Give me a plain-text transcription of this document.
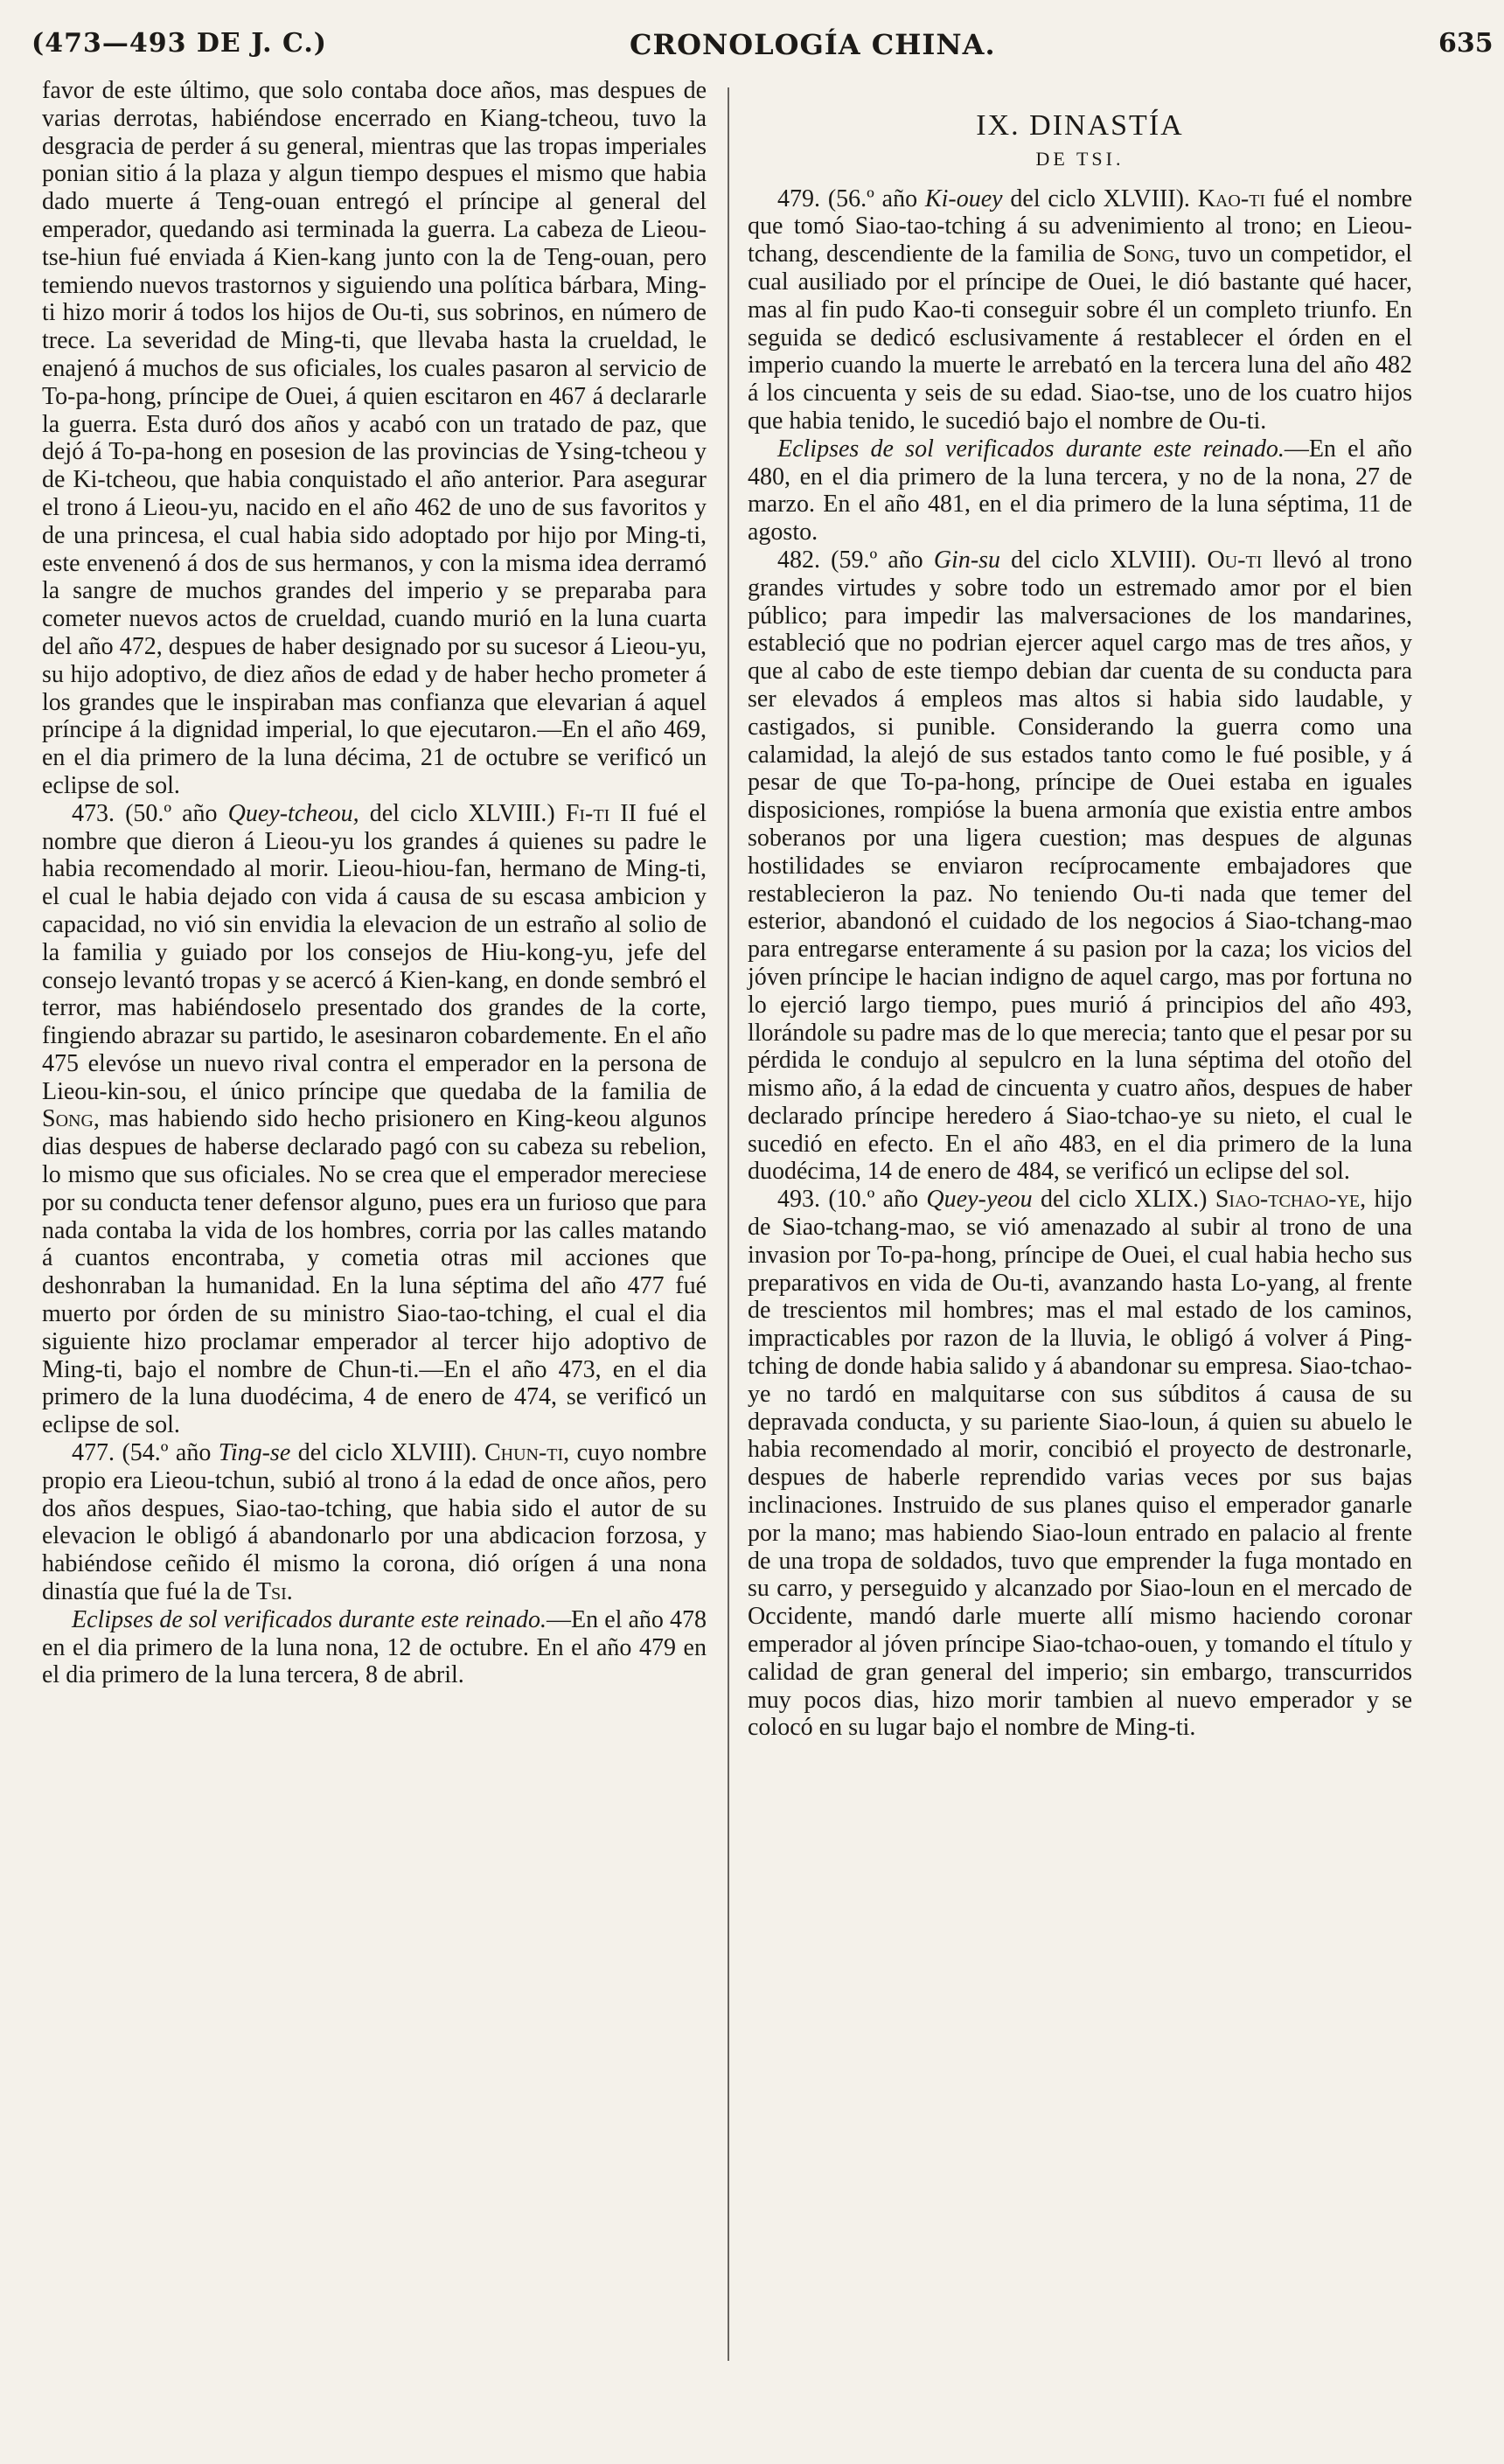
(473—493 DE J. C.)	CRONOLOGÍA CHINA.	635

favor de este último, que solo contaba doce años, mas despues de varias derrotas, habiéndose encerrado en Kiang-tcheou, tuvo la desgracia de perder á su general, mientras que las tropas imperiales ponian sitio á la plaza y algun tiempo despues el mismo que habia dado muerte á Teng-ouan entregó el príncipe al general del emperador, quedando asi terminada la guerra. La cabeza de Lieou-tse-hiun fué enviada á Kien-kang junto con la de Teng-ouan, pero temiendo nuevos trastornos y siguiendo una política bárbara, Ming-ti hizo morir á todos los hijos de Ou-ti, sus sobrinos, en número de trece. La severidad de Ming-ti, que llevaba hasta la crueldad, le enajenó á muchos de sus oficiales, los cuales pasaron al servicio de To-pa-hong, príncipe de Ouei, á quien escitaron en 467 á declararle la guerra. Esta duró dos años y acabó con un tratado de paz, que dejó á To-pa-hong en posesion de las provincias de Ysing-tcheou y de Ki-tcheou, que habia conquistado el año anterior. Para asegurar el trono á Lieou-yu, nacido en el año 462 de uno de sus favoritos y de una princesa, el cual habia sido adoptado por hijo por Ming-ti, este envenenó á dos de sus hermanos, y con la misma idea derramó la sangre de muchos grandes del imperio y se preparaba para cometer nuevos actos de crueldad, cuando murió en la luna cuarta del año 472, despues de haber designado por su sucesor á Lieou-yu, su hijo adoptivo, de diez años de edad y de haber hecho prometer á los grandes que le inspiraban mas confianza que elevarian á aquel príncipe á la dignidad imperial, lo que ejecutaron.—En el año 469, en el dia primero de la luna décima, 21 de octubre se verificó un eclipse de sol.

473. (50.º año Quey-tcheou, del ciclo XLVIII.) Fi-ti II fué el nombre que dieron á Lieou-yu los grandes á quienes su padre le habia recomendado al morir. Lieou-hiou-fan, hermano de Ming-ti, el cual le habia dejado con vida á causa de su escasa ambicion y capacidad, no vió sin envidia la elevacion de un estraño al solio de la familia y guiado por los consejos de Hiu-kong-yu, jefe del consejo levantó tropas y se acercó á Kien-kang, en donde sembró el terror, mas habiéndoselo presentado dos grandes de la corte, fingiendo abrazar su partido, le asesinaron cobardemente. En el año 475 elevóse un nuevo rival contra el emperador en la persona de Lieou-kin-sou, el único príncipe que quedaba de la familia de Song, mas habiendo sido hecho prisionero en King-keou algunos dias despues de haberse declarado pagó con su cabeza su rebelion, lo mismo que sus oficiales. No se crea que el emperador mereciese por su conducta tener defensor alguno, pues era un furioso que para nada contaba la vida de los hombres, corria por las calles matando á cuantos encontraba, y cometia otras mil acciones que deshonraban la humanidad. En la luna séptima del año 477 fué muerto por órden de su ministro Siao-tao-tching, el cual el dia siguiente hizo proclamar emperador al tercer hijo adoptivo de Ming-ti, bajo el nombre de Chun-ti.—En el año 473, en el dia primero de la luna duodécima, 4 de enero de 474, se verificó un eclipse de sol.

477. (54.º año Ting-se del ciclo XLVIII). Chun-ti, cuyo nombre propio era Lieou-tchun, subió al trono á la edad de once años, pero dos años despues, Siao-tao-tching, que habia sido el autor de su elevacion le obligó á abandonarlo por una abdicacion forzosa, y habiéndose ceñido él mismo la corona, dió orígen á una nona dinastía que fué la de Tsi.

Eclipses de sol verificados durante este reinado.—En el año 478 en el dia primero de la luna nona, 12 de octubre. En el año 479 en el dia primero de la luna tercera, 8 de abril.

IX. DINASTÍA

DE TSI.

479. (56.º año Ki-ouey del ciclo XLVIII). Kao-ti fué el nombre que tomó Siao-tao-tching á su advenimiento al trono; en Lieou-tchang, descendiente de la familia de Song, tuvo un competidor, el cual ausiliado por el príncipe de Ouei, le dió bastante qué hacer, mas al fin pudo Kao-ti conseguir sobre él un completo triunfo. En seguida se dedicó esclusivamente á restablecer el órden en el imperio cuando la muerte le arrebató en la tercera luna del año 482 á los cincuenta y seis de su edad. Siao-tse, uno de los cuatro hijos que habia tenido, le sucedió bajo el nombre de Ou-ti.

Eclipses de sol verificados durante este reinado.—En el año 480, en el dia primero de la luna tercera, y no de la nona, 27 de marzo. En el año 481, en el dia primero de la luna séptima, 11 de agosto.

482. (59.º año Gin-su del ciclo XLVIII). Ou-ti llevó al trono grandes virtudes y sobre todo un estremado amor por el bien público; para impedir las malversaciones de los mandarines, estableció que no podrian ejercer aquel cargo mas de tres años, y que al cabo de este tiempo debian dar cuenta de su conducta para ser elevados á empleos mas altos si habia sido laudable, y castigados, si punible. Considerando la guerra como una calamidad, la alejó de sus estados tanto como le fué posible, y á pesar de que To-pa-hong, príncipe de Ouei estaba en iguales disposiciones, rompióse la buena armonía que existia entre ambos soberanos por una ligera cuestion; mas despues de algunas hostilidades se enviaron recíprocamente embajadores que restablecieron la paz. No teniendo Ou-ti nada que temer del esterior, abandonó el cuidado de los negocios á Siao-tchang-mao para entregarse enteramente á su pasion por la caza; los vicios del jóven príncipe le hacian indigno de aquel cargo, mas por fortuna no lo ejerció largo tiempo, pues murió á principios del año 493, llorándole su padre mas de lo que merecia; tanto que el pesar por su pérdida le condujo al sepulcro en la luna séptima del otoño del mismo año, á la edad de cincuenta y cuatro años, despues de haber declarado príncipe heredero á Siao-tchao-ye su nieto, el cual le sucedió en efecto. En el año 483, en el dia primero de la luna duodécima, 14 de enero de 484, se verificó un eclipse del sol.

493. (10.º año Quey-yeou del ciclo XLIX.) Siao-tchao-ye, hijo de Siao-tchang-mao, se vió amenazado al subir al trono de una invasion por To-pa-hong, príncipe de Ouei, el cual habia hecho sus preparativos en vida de Ou-ti, avanzando hasta Lo-yang, al frente de trescientos mil hombres; mas el mal estado de los caminos, impracticables por razon de la lluvia, le obligó á volver á Ping-tching de donde habia salido y á abandonar su empresa. Siao-tchao-ye no tardó en malquitarse con sus súbditos á causa de su depravada conducta, y su pariente Siao-loun, á quien su abuelo le habia recomendado al morir, concibió el proyecto de destronarle, despues de haberle reprendido varias veces por sus bajas inclinaciones. Instruido de sus planes quiso el emperador ganarle por la mano; mas habiendo Siao-loun entrado en palacio al frente de una tropa de soldados, tuvo que emprender la fuga montado en su carro, y perseguido y alcanzado por Siao-loun en el mercado de Occidente, mandó darle muerte allí mismo haciendo coronar emperador al jóven príncipe Siao-tchao-ouen, y tomando el título y calidad de gran general del imperio; sin embargo, transcurridos muy pocos dias, hizo morir tambien al nuevo emperador y se colocó en su lugar bajo el nombre de Ming-ti.
